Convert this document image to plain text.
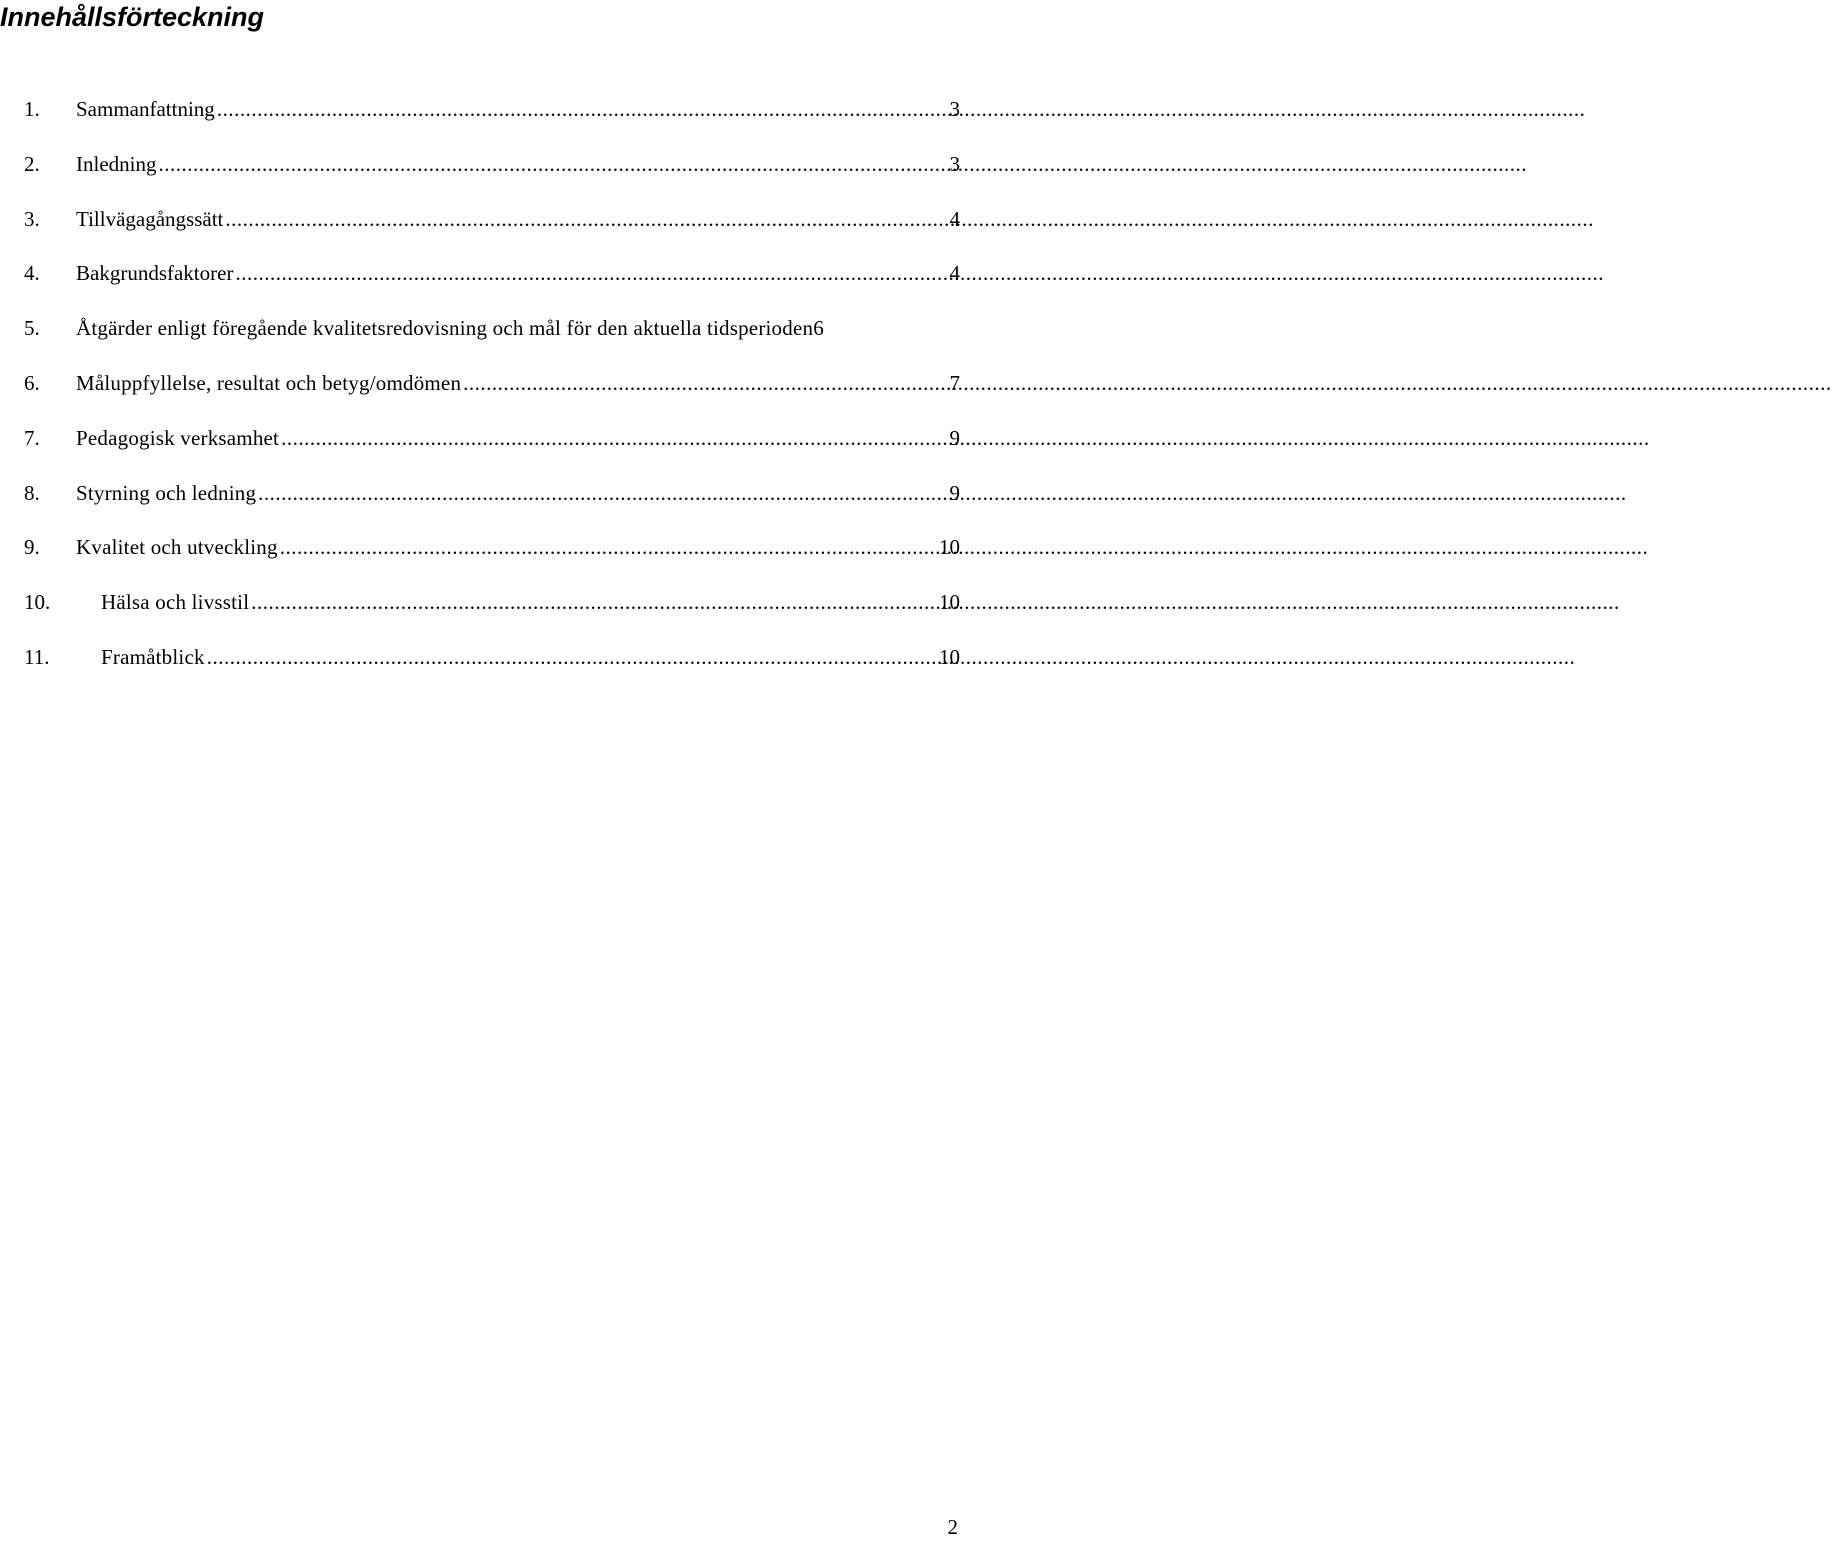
Innehållsförteckning
1.	Sammanfattning .....	3
2.	Inledning .....	3
3.	Tillvägagångssätt .....	4
4.	Bakgrundsfaktorer .....	4
5.	Åtgärder enligt föregående kvalitetsredovisning och mål för den aktuella tidsperioden 6
6.	Måluppfyllelse, resultat och betyg/omdömen .....	7
7.	Pedagogisk verksamhet .....	9
8.	Styrning och ledning .....	9
9.	Kvalitet och utveckling .....	10
10.	Hälsa och livsstil .....	10
11.	Framåtblick .....	10
2
